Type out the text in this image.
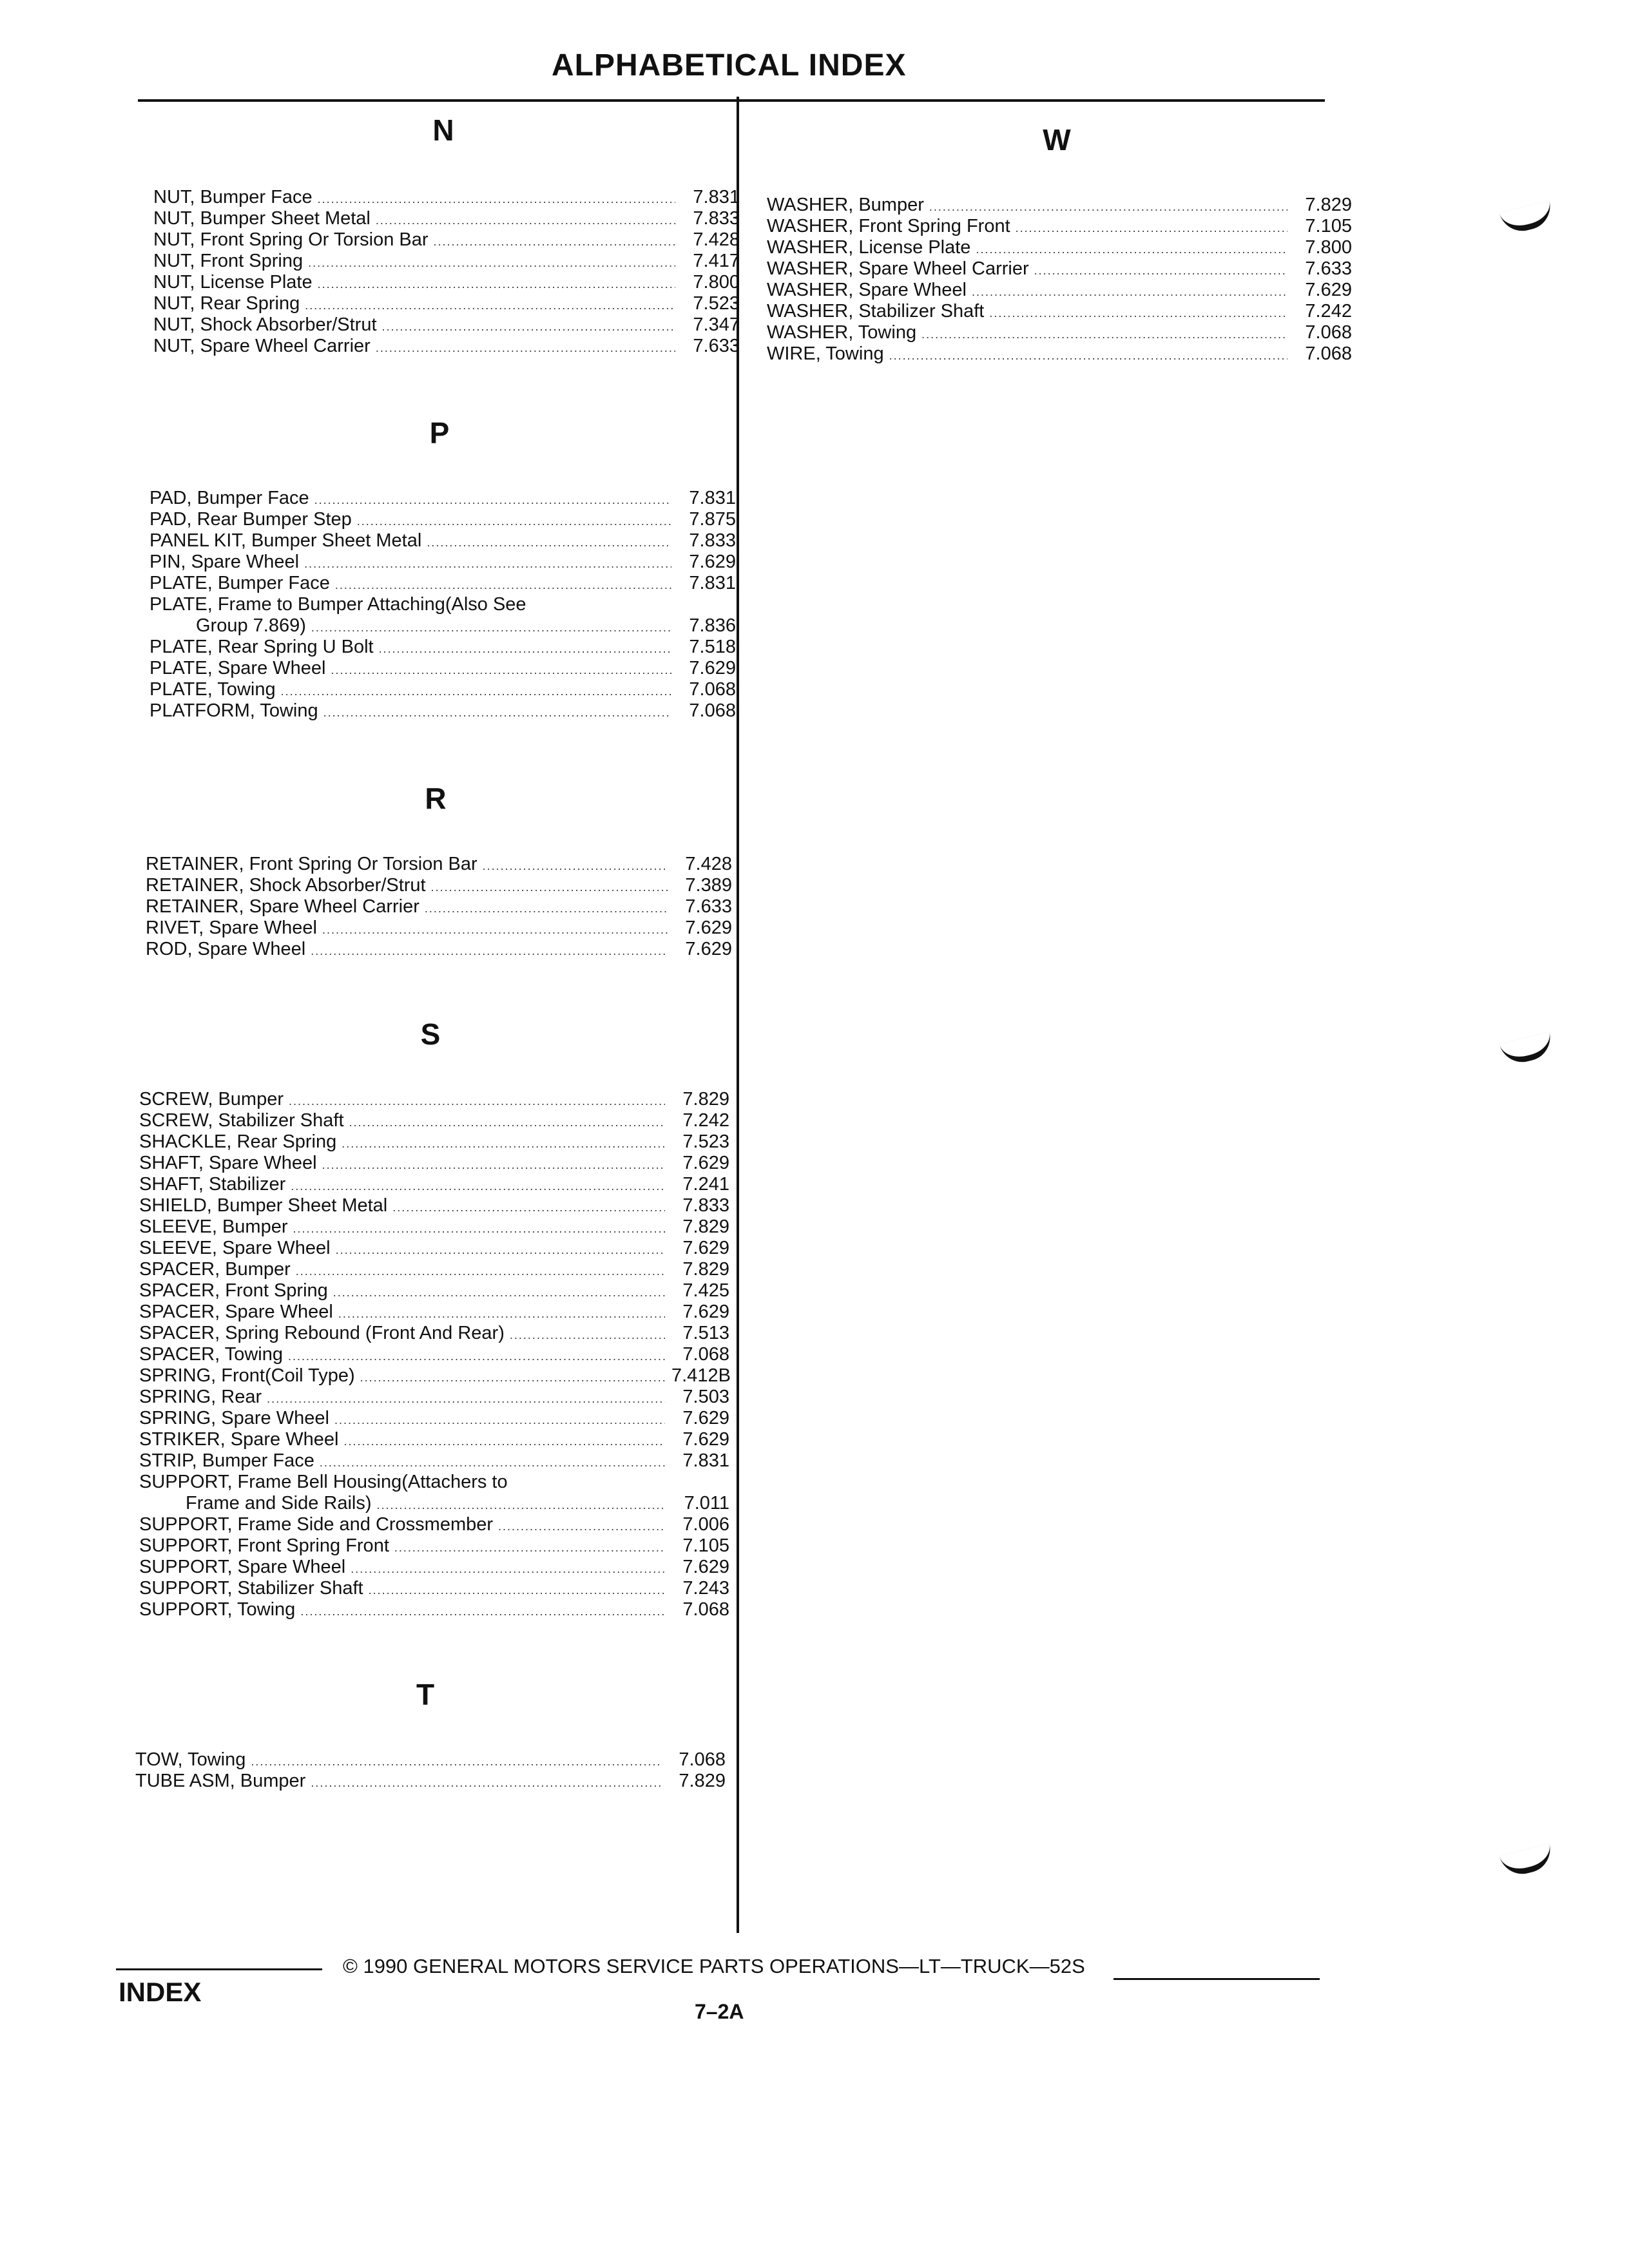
ALPHABETICAL INDEX
N
NUT, Bumper Face .....	7.831
NUT, Bumper Sheet Metal .....	7.833
NUT, Front Spring Or Torsion Bar .....	7.428
NUT, Front Spring .....	7.417
NUT, License Plate .....	7.800
NUT, Rear Spring .....	7.523
NUT, Shock Absorber/Strut .....	7.347
NUT, Spare Wheel Carrier .....	7.633
P
PAD, Bumper Face .....	7.831
PAD, Rear Bumper Step .....	7.875
PANEL KIT, Bumper Sheet Metal .....	7.833
PIN, Spare Wheel .....	7.629
PLATE, Bumper Face .....	7.831
PLATE, Frame to Bumper Attaching(Also See
Group 7.869) .....	7.836
PLATE, Rear Spring U Bolt .....	7.518
PLATE, Spare Wheel .....	7.629
PLATE, Towing .....	7.068
PLATFORM, Towing .....	7.068
R
RETAINER, Front Spring Or Torsion Bar .....	7.428
RETAINER, Shock Absorber/Strut .....	7.389
RETAINER, Spare Wheel Carrier .....	7.633
RIVET, Spare Wheel .....	7.629
ROD, Spare Wheel .....	7.629
S
SCREW, Bumper .....	7.829
SCREW, Stabilizer Shaft .....	7.242
SHACKLE, Rear Spring .....	7.523
SHAFT, Spare Wheel .....	7.629
SHAFT, Stabilizer .....	7.241
SHIELD, Bumper Sheet Metal .....	7.833
SLEEVE, Bumper .....	7.829
SLEEVE, Spare Wheel .....	7.629
SPACER, Bumper .....	7.829
SPACER, Front Spring .....	7.425
SPACER, Spare Wheel .....	7.629
SPACER, Spring Rebound (Front And Rear) .....	7.513
SPACER, Towing .....	7.068
SPRING, Front(Coil Type) .....	7.412B
SPRING, Rear .....	7.503
SPRING, Spare Wheel .....	7.629
STRIKER, Spare Wheel .....	7.629
STRIP, Bumper Face .....	7.831
SUPPORT, Frame Bell Housing(Attachers to
Frame and Side Rails) .....	7.011
SUPPORT, Frame Side and Crossmember .....	7.006
SUPPORT, Front Spring Front .....	7.105
SUPPORT, Spare Wheel .....	7.629
SUPPORT, Stabilizer Shaft .....	7.243
SUPPORT, Towing .....	7.068
T
TOW, Towing .....	7.068
TUBE ASM, Bumper .....	7.829
W
WASHER, Bumper .....	7.829
WASHER, Front Spring Front .....	7.105
WASHER, License Plate .....	7.800
WASHER, Spare Wheel Carrier .....	7.633
WASHER, Spare Wheel .....	7.629
WASHER, Stabilizer Shaft .....	7.242
WASHER, Towing .....	7.068
WIRE, Towing .....	7.068
© 1990 GENERAL MOTORS SERVICE PARTS OPERATIONS—LT—TRUCK—52S
INDEX
7–2A
